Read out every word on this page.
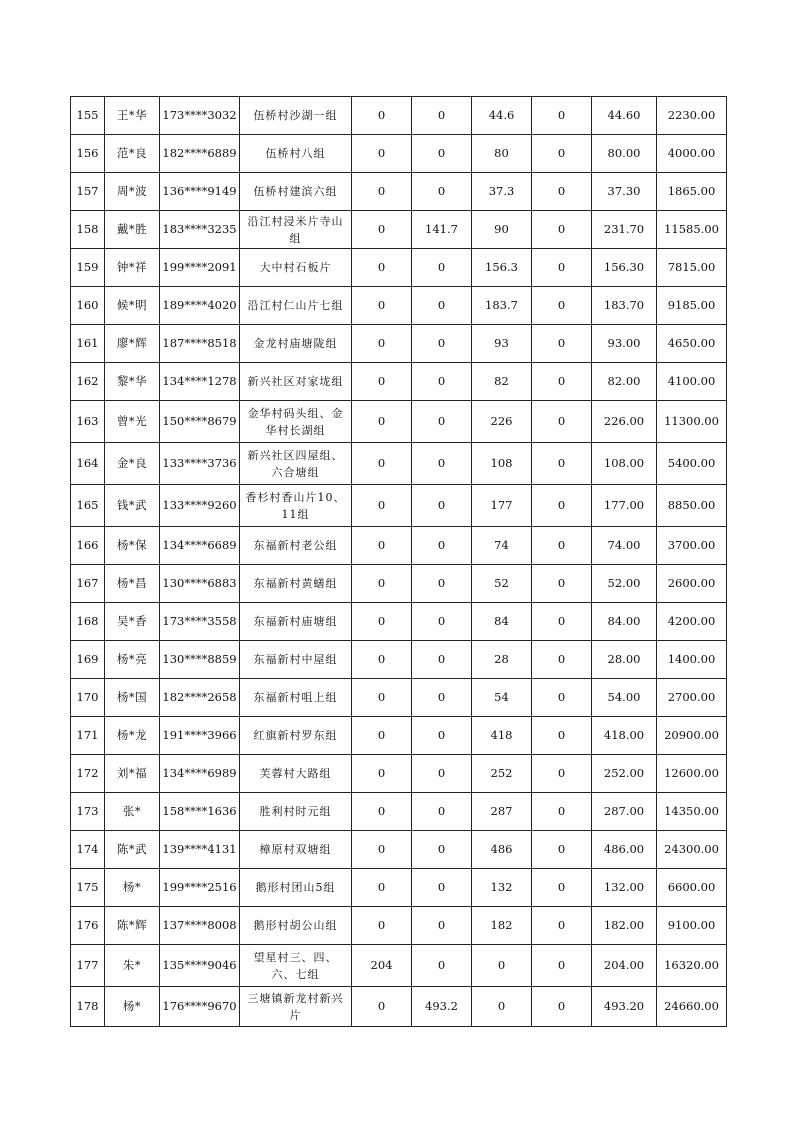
155	王*华	173****3032	伍桥村沙湖一组	0	0	44.6	0	44.60	2230.00
156	范*良	182****6889	伍桥村八组	0	0	80	0	80.00	4000.00
157	周*波	136****9149	伍桥村建滨六组	0	0	37.3	0	37.30	1865.00
158	戴*胜	183****3235	沿江村浸米片寺山组	0	141.7	90	0	231.70	11585.00
159	钟*祥	199****2091	大中村石板片	0	0	156.3	0	156.30	7815.00
160	候*明	189****4020	沿江村仁山片七组	0	0	183.7	0	183.70	9185.00
161	廖*辉	187****8518	金龙村庙塘陇组	0	0	93	0	93.00	4650.00
162	黎*华	134****1278	新兴社区对家垅组	0	0	82	0	82.00	4100.00
163	曾*光	150****8679	金华村码头组、金华村长湖组	0	0	226	0	226.00	11300.00
164	金*良	133****3736	新兴社区四屋组、六合塘组	0	0	108	0	108.00	5400.00
165	钱*武	133****9260	香杉村香山片10、11组	0	0	177	0	177.00	8850.00
166	杨*保	134****6689	东福新村老公组	0	0	74	0	74.00	3700.00
167	杨*昌	130****6883	东福新村黄蟮组	0	0	52	0	52.00	2600.00
168	吴*香	173****3558	东福新村庙塘组	0	0	84	0	84.00	4200.00
169	杨*亮	130****8859	东福新村中屋组	0	0	28	0	28.00	1400.00
170	杨*国	182****2658	东福新村咀上组	0	0	54	0	54.00	2700.00
171	杨*龙	191****3966	红旗新村罗东组	0	0	418	0	418.00	20900.00
172	刘*福	134****6989	芙蓉村大路组	0	0	252	0	252.00	12600.00
173	张*	158****1636	胜利村时元组	0	0	287	0	287.00	14350.00
174	陈*武	139****4131	樟原村双塘组	0	0	486	0	486.00	24300.00
175	杨*	199****2516	鹅形村团山5组	0	0	132	0	132.00	6600.00
176	陈*辉	137****8008	鹅形村胡公山组	0	0	182	0	182.00	9100.00
177	朱*	135****9046	望星村三、四、六、七组	204	0	0	0	204.00	16320.00
178	杨*	176****9670	三塘镇新龙村新兴片	0	493.2	0	0	493.20	24660.00
